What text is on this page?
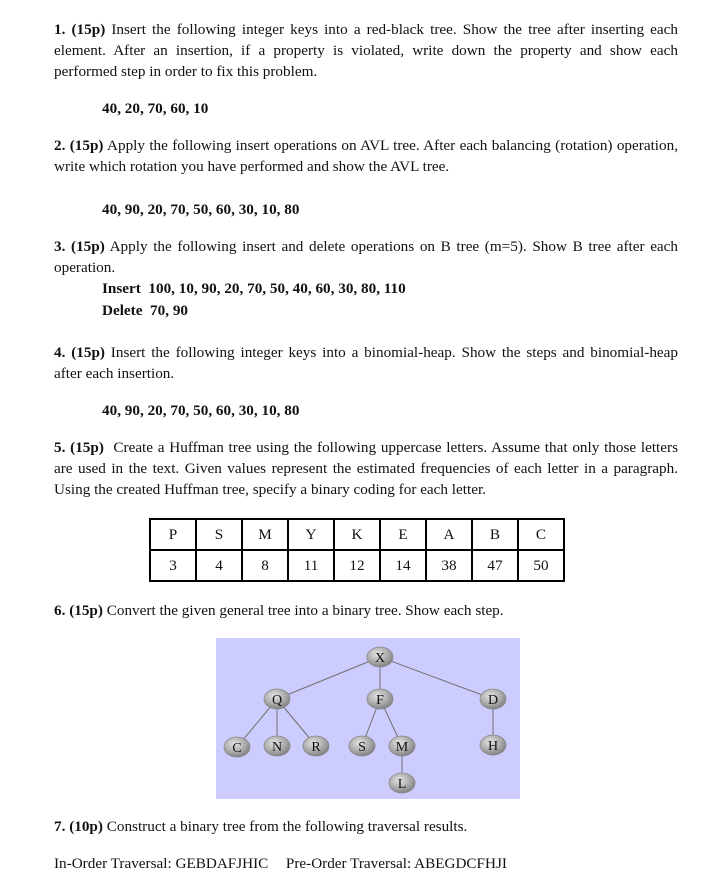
1. (15p) Insert the following integer keys into a red-black tree. Show the tree after inserting each element. After an insertion, if a property is violated, write down the property and show each performed step in order to fix this problem.
40, 20, 70, 60, 10
2. (15p) Apply the following insert operations on AVL tree. After each balancing (rotation) operation, write which rotation you have performed and show the AVL tree.
40, 90, 20, 70, 50, 60, 30, 10, 80
3. (15p) Apply the following insert and delete operations on B tree (m=5). Show B tree after each operation.
Insert  100, 10, 90, 20, 70, 50, 40, 60, 30, 80, 110
Delete  70, 90
4. (15p) Insert the following integer keys into a binomial-heap. Show the steps and binomial-heap after each insertion.
40, 90, 20, 70, 50, 60, 30, 10, 80
5. (15p)  Create a Huffman tree using the following uppercase letters. Assume that only those letters are used in the text. Given values represent the estimated frequencies of each letter in a paragraph. Using the created Huffman tree, specify a binary coding for each letter.
P	S	M	Y	K	E	A	B	C
3	4	8	11	12	14	38	47	50
6. (15p) Convert the given general tree into a binary tree. Show each step.
X
Q	F	D
C N R	S M	H
L
7. (10p) Construct a binary tree from the following traversal results.
In-Order Traversal: GEBDAFJHIC Pre-Order Traversal: ABEGDCFHJI
